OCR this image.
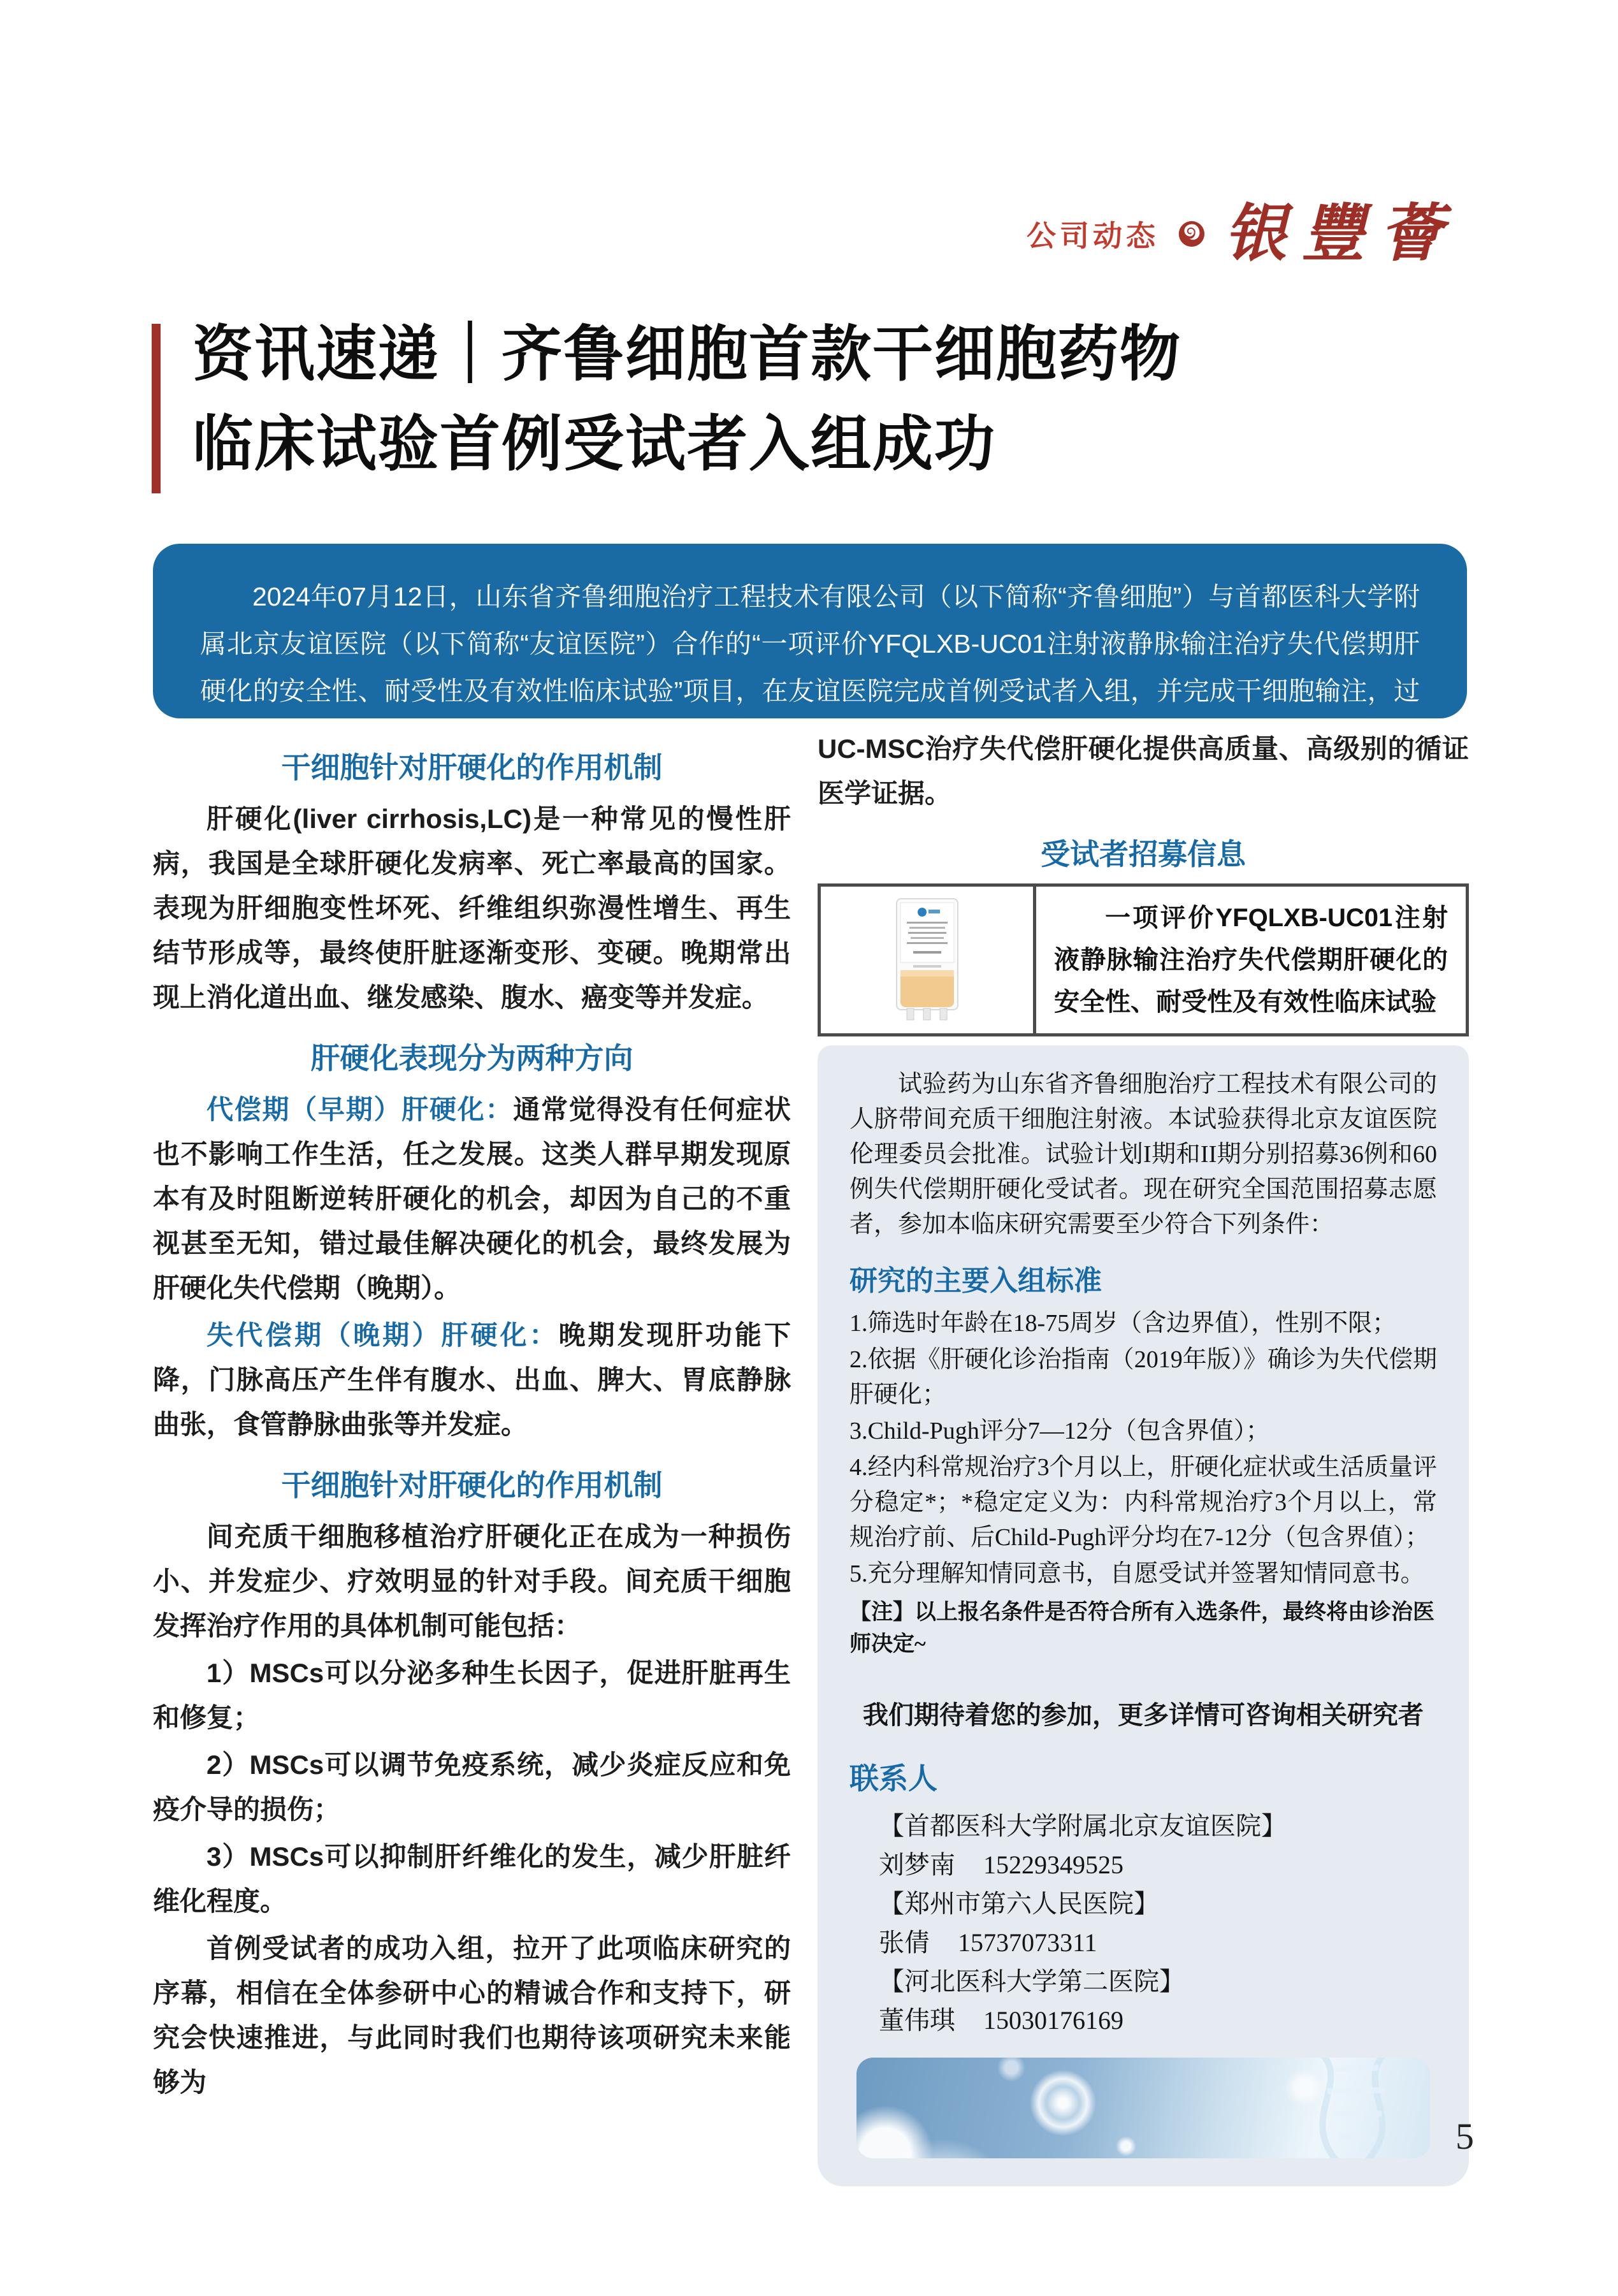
公司动态 银豐薈
资讯速递｜齐鲁细胞首款干细胞药物
临床试验首例受试者入组成功

2024年07月12日，山东省齐鲁细胞治疗工程技术有限公司（以下简称“齐鲁细胞”）与首都医科大学附属北京友谊医院（以下简称“友谊医院”）合作的“一项评价YFQLXB-UC01注射液静脉输注治疗失代偿期肝硬化的安全性、耐受性及有效性临床试验”项目，在友谊医院完成首例受试者入组，并完成干细胞输注，过程顺利。

干细胞针对肝硬化的作用机制

肝硬化(liver cirrhosis,LC)是一种常见的慢性肝病，我国是全球肝硬化发病率、死亡率最高的国家。表现为肝细胞变性坏死、纤维组织弥漫性增生、再生结节形成等，最终使肝脏逐渐变形、变硬。晚期常出现上消化道出血、继发感染、腹水、癌变等并发症。

肝硬化表现分为两种方向

代偿期（早期）肝硬化：通常觉得没有任何症状也不影响工作生活，任之发展。这类人群早期发现原本有及时阻断逆转肝硬化的机会，却因为自己的不重视甚至无知，错过最佳解决硬化的机会，最终发展为肝硬化失代偿期（晚期）。

失代偿期（晚期）肝硬化：晚期发现肝功能下降，门脉高压产生伴有腹水、出血、脾大、胃底静脉曲张，食管静脉曲张等并发症。

干细胞针对肝硬化的作用机制

间充质干细胞移植治疗肝硬化正在成为一种损伤小、并发症少、疗效明显的针对手段。间充质干细胞发挥治疗作用的具体机制可能包括：

1）MSCs可以分泌多种生长因子，促进肝脏再生和修复；

2）MSCs可以调节免疫系统，减少炎症反应和免疫介导的损伤；

3）MSCs可以抑制肝纤维化的发生，减少肝脏纤维化程度。

首例受试者的成功入组，拉开了此项临床研究的序幕，相信在全体参研中心的精诚合作和支持下，研究会快速推进，与此同时我们也期待该项研究未来能够为

UC-MSC治疗失代偿肝硬化提供高质量、高级别的循证医学证据。

受试者招募信息
一项评价YFQLXB-UC01注射液静脉输注治疗失代偿期肝硬化的安全性、耐受性及有效性临床试验

试验药为山东省齐鲁细胞治疗工程技术有限公司的人脐带间充质干细胞注射液。本试验获得北京友谊医院伦理委员会批准。试验计划I期和II期分别招募36例和60例失代偿期肝硬化受试者。现在研究全国范围招募志愿者，参加本临床研究需要至少符合下列条件：

研究的主要入组标准
1.筛选时年龄在18-75周岁（含边界值），性别不限；
2.依据《肝硬化诊治指南（2019年版）》确诊为失代偿期肝硬化；
3.Child-Pugh评分7—12分（包含界值）；
4.经内科常规治疗3个月以上，肝硬化症状或生活质量评分稳定*；*稳定定义为：内科常规治疗3个月以上，常规治疗前、后Child-Pugh评分均在7-12分（包含界值）；
5.充分理解知情同意书，自愿受试并签署知情同意书。
【注】以上报名条件是否符合所有入选条件，最终将由诊治医师决定~
我们期待着您的参加，更多详情可咨询相关研究者
联系人
【首都医科大学附属北京友谊医院】
刘梦南 15229349525
【郑州市第六人民医院】
张倩 15737073311
【河北医科大学第二医院】
董伟琪 15030176169
5
